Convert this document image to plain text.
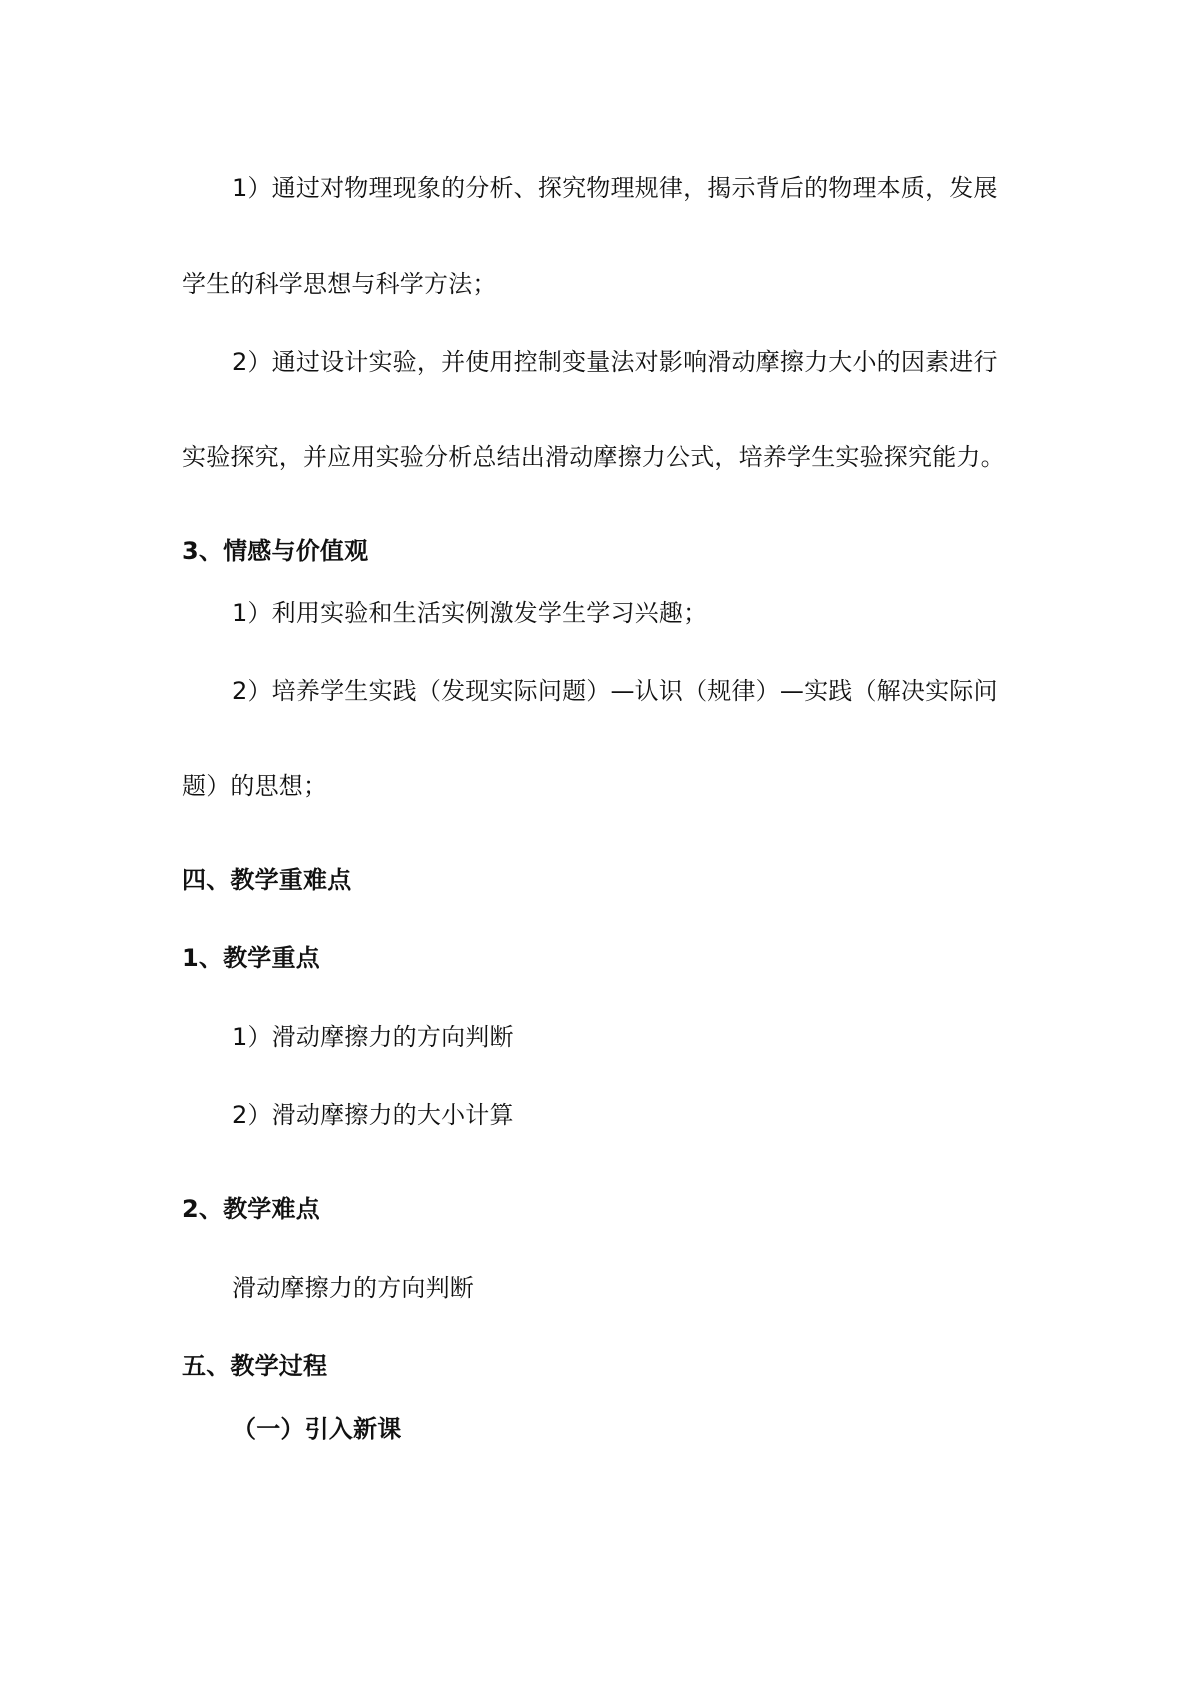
1）通过对物理现象的分析、探究物理规律，揭示背后的物理本质，发展
学生的科学思想与科学方法；
2）通过设计实验，并使用控制变量法对影响滑动摩擦力大小的因素进行
实验探究，并应用实验分析总结出滑动摩擦力公式，培养学生实验探究能力。
3、情感与价值观
1）利用实验和生活实例激发学生学习兴趣；
2）培养学生实践（发现实际问题）—认识（规律）—实践（解决实际问
题）的思想；
四、教学重难点
1、教学重点
1）滑动摩擦力的方向判断
2）滑动摩擦力的大小计算
2、教学难点
滑动摩擦力的方向判断
五、教学过程
（一）引入新课
